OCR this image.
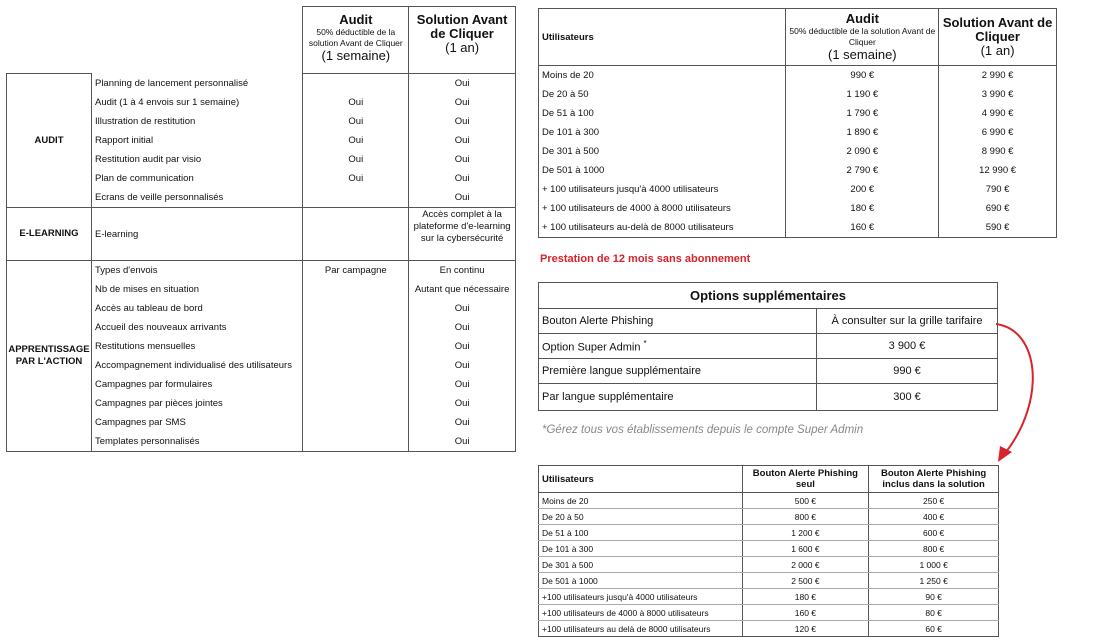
		Audit
50% déductible de la solution Avant de Cliquer
(1 semaine)	Solution Avant de Cliquer
(1 an)

AUDIT	Planning de lancement personnalisé		Oui
	Audit (1 à 4 envois sur 1 semaine)	Oui	Oui
	Illustration de restitution	Oui	Oui
	Rapport initial	Oui	Oui
	Restitution audit par visio	Oui	Oui
	Plan de communication	Oui	Oui
	Ecrans de veille personnalisés		Oui
E-LEARNING	E-learning		Accès complet à la plateforme d'e-learning sur la cybersécurité
APPRENTISSAGE PAR L'ACTION	Types d'envois	Par campagne	En continu
	Nb de mises en situation		Autant que nécessaire
	Accès au tableau de bord		Oui
	Accueil des nouveaux arrivants		Oui
	Restitutions mensuelles		Oui
	Accompagnement individualisé des utilisateurs		Oui
	Campagnes par formulaires		Oui
	Campagnes par pièces jointes		Oui
	Campagnes par SMS		Oui
	Templates personnalisés		Oui
Utilisateurs	Audit
50% déductible de la solution Avant de Cliquer
(1 semaine)	Solution Avant de Cliquer
(1 an)

Moins de 20	990 €	2 990 €
De 20 à 50	1 190 €	3 990 €
De 51 à 100	1 790 €	4 990 €
De 101 à 300	1 890 €	6 990 €
De 301 à 500	2 090 €	8 990 €
De 501 à 1000	2 790 €	12 990 €
+ 100 utilisateurs jusqu'à 4000 utilisateurs	200 €	790 €
+ 100 utilisateurs de 4000 à 8000 utilisateurs	180 €	690 €
+ 100 utilisateurs au-delà de 8000 utilisateurs	160 €	590 €
Prestation de 12 mois sans abonnement
Options supplémentaires	
Bouton Alerte Phishing	À consulter sur la grille tarifaire
Option Super Admin *	3 900 €
Première langue supplémentaire	990 €
Par langue supplémentaire	300 €
*Gérez tous vos établissements depuis le compte Super Admin
Utilisateurs	Bouton Alerte Phishing seul	Bouton Alerte Phishing inclus dans la solution
Moins de 20	500 €	250 €
De 20 à 50	800 €	400 €
De 51 à 100	1 200 €	600 €
De 101 à 300	1 600 €	800 €
De 301 à 500	2 000 €	1 000 €
De 501 à 1000	2 500 €	1 250 €
+100 utilisateurs jusqu'à 4000 utilisateurs	180 €	90 €
+100 utilisateurs de 4000 à 8000 utilisateurs	160 €	80 €
+100 utilisateurs au delà de 8000 utilisateurs	120 €	60 €
